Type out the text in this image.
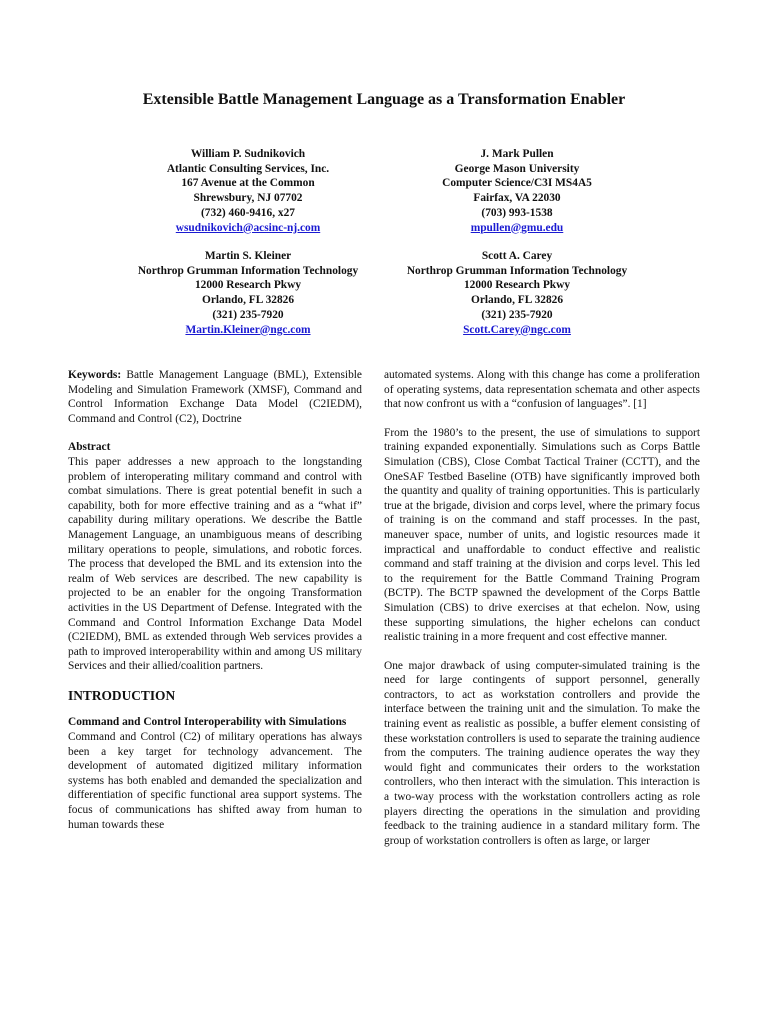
Extensible Battle Management Language as a Transformation Enabler
William P. Sudnikovich
Atlantic Consulting Services, Inc.
167 Avenue at the Common
Shrewsbury, NJ 07702
(732) 460-9416, x27
wsudnikovich@acsinc-nj.com
J. Mark Pullen
George Mason University
Computer Science/C3I MS4A5
Fairfax, VA 22030
(703) 993-1538
mpullen@gmu.edu
Martin S. Kleiner
Northrop Grumman Information Technology
12000 Research Pkwy
Orlando, FL 32826
(321) 235-7920
Martin.Kleiner@ngc.com
Scott A. Carey
Northrop Grumman Information Technology
12000 Research Pkwy
Orlando, FL 32826
(321) 235-7920
Scott.Carey@ngc.com

Keywords: Battle Management Language (BML), Extensible Modeling and Simulation Framework (XMSF), Command and Control Information Exchange Data Model (C2IEDM), Command and Control (C2), Doctrine

Abstract

This paper addresses a new approach to the longstanding problem of interoperating military command and control with combat simulations. There is great potential benefit in such a capability, both for more effective training and as a “what if” capability during military operations. We describe the Battle Management Language, an unambiguous means of describing military operations to people, simulations, and robotic forces. The process that developed the BML and its extension into the realm of Web services are described. The new capability is projected to be an enabler for the ongoing Transformation activities in the US Department of Defense. Integrated with the Command and Control Information Exchange Data Model (C2IEDM), BML as extended through Web services provides a path to improved interoperability within and among US military Services and their allied/coalition partners.

INTRODUCTION

Command and Control Interoperability with Simulations

Command and Control (C2) of military operations has always been a key target for technology advancement. The development of automated digitized military information systems has both enabled and demanded the specialization and differentiation of specific functional area support systems. The focus of communications has shifted away from human to human towards these

automated systems. Along with this change has come a proliferation of operating systems, data representation schemata and other aspects that now confront us with a “confusion of languages”. [1]

From the 1980’s to the present, the use of simulations to support training expanded exponentially. Simulations such as Corps Battle Simulation (CBS), Close Combat Tactical Trainer (CCTT), and the OneSAF Testbed Baseline (OTB) have significantly improved both the quantity and quality of training opportunities. This is particularly true at the brigade, division and corps level, where the primary focus of training is on the command and staff processes. In the past, maneuver space, number of units, and logistic resources made it impractical and unaffordable to conduct effective and realistic command and staff training at the division and corps level. This led to the requirement for the Battle Command Training Program (BCTP). The BCTP spawned the development of the Corps Battle Simulation (CBS) to drive exercises at that echelon. Now, using these supporting simulations, the higher echelons can conduct realistic training in a more frequent and cost effective manner.

One major drawback of using computer-simulated training is the need for large contingents of support personnel, generally contractors, to act as workstation controllers and provide the interface between the training unit and the simulation. To make the training event as realistic as possible, a buffer element consisting of these workstation controllers is used to separate the training audience from the computers. The training audience operates the way they would fight and communicates their orders to the workstation controllers, who then interact with the simulation. This interaction is a two-way process with the workstation controllers acting as role players directing the operations in the simulation and providing feedback to the training audience in a standard military form. The group of workstation controllers is often as large, or larger
